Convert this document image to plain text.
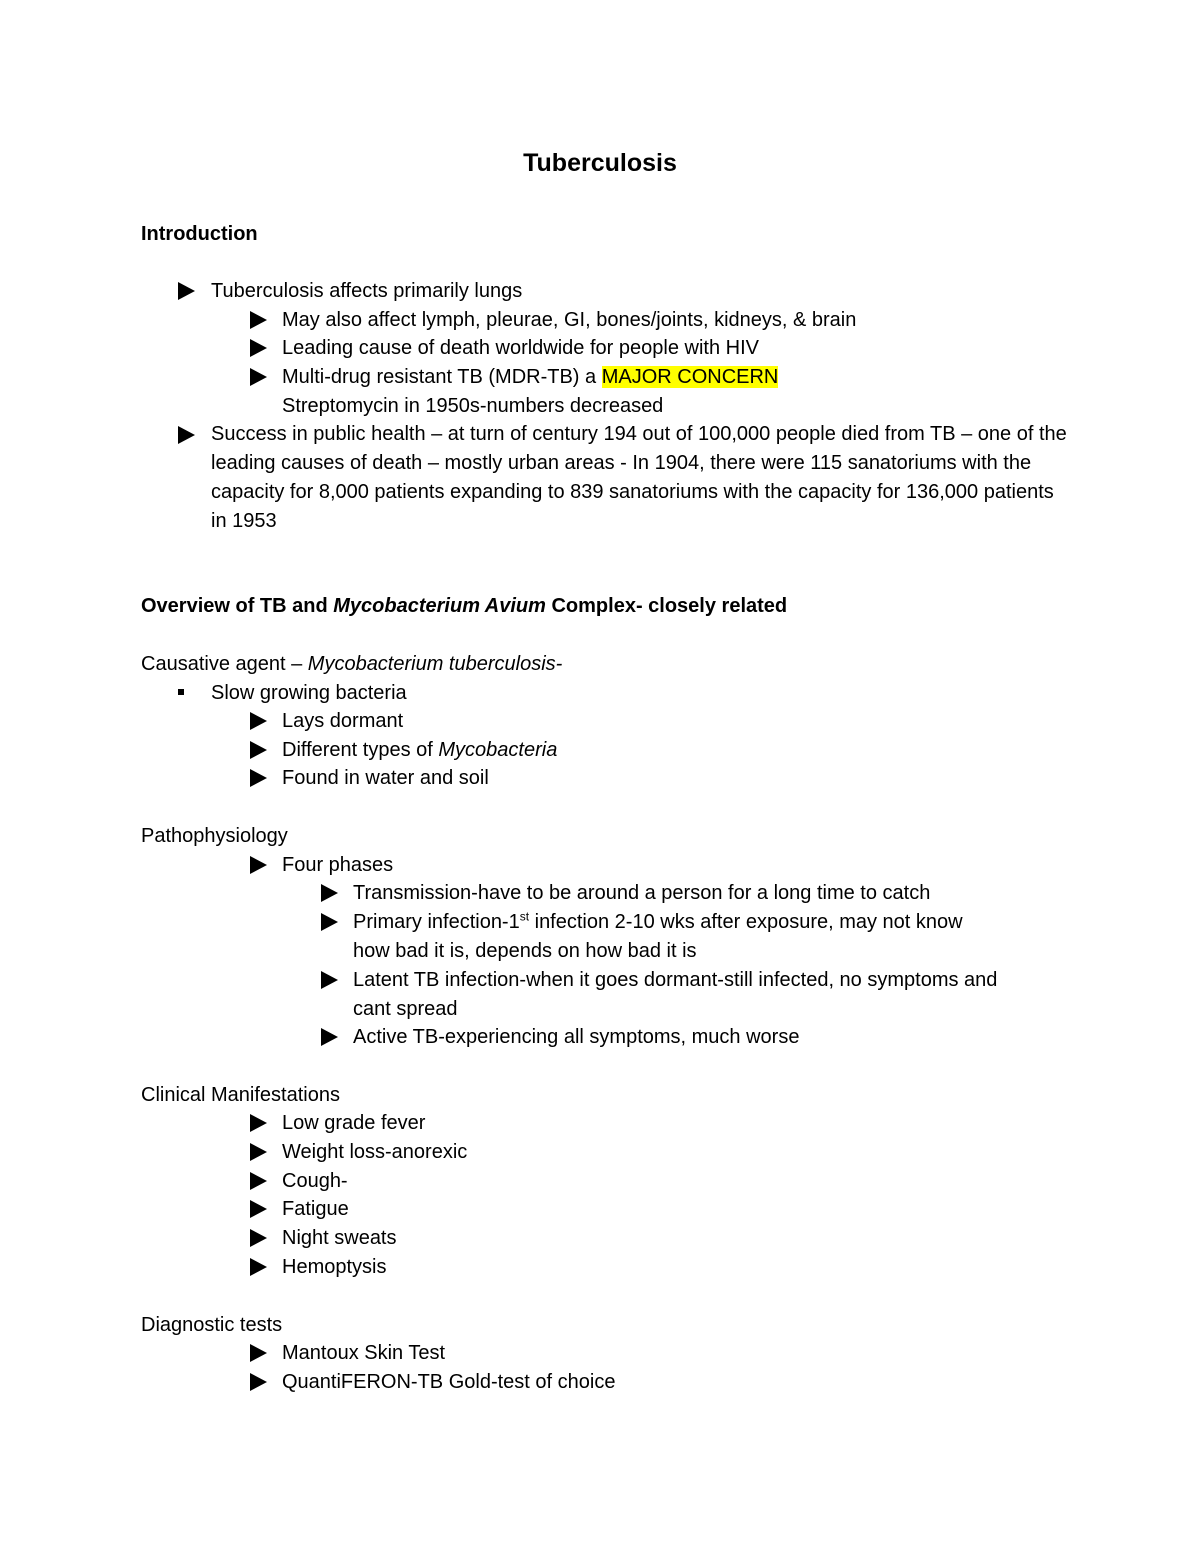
Tuberculosis
Introduction
Tuberculosis affects primarily lungs
May also affect lymph, pleurae, GI, bones/joints, kidneys, & brain
Leading cause of death worldwide for people with HIV
Multi-drug resistant TB (MDR-TB) a MAJOR CONCERN
Streptomycin in 1950s-numbers decreased
Success in public health – at turn of century 194 out of 100,000 people died from TB – one of the leading causes of death – mostly urban areas - In 1904, there were 115 sanatoriums with the capacity for 8,000 patients expanding to 839 sanatoriums with the capacity for 136,000 patients in 1953
Overview of TB and Mycobacterium Avium Complex- closely related
Causative agent – Mycobacterium tuberculosis-
Slow growing bacteria
Lays dormant
Different types of Mycobacteria
Found in water and soil
Pathophysiology
Four phases
Transmission-have to be around a person for a long time to catch
Primary infection-1st infection 2-10 wks after exposure, may not know
how bad it is, depends on how bad it is
Latent TB infection-when it goes dormant-still infected, no symptoms and
cant spread
Active TB-experiencing all symptoms, much worse
Clinical Manifestations
Low grade fever
Weight loss-anorexic
Cough-
Fatigue
Night sweats
Hemoptysis
Diagnostic tests
Mantoux Skin Test
QuantiFERON-TB Gold-test of choice
